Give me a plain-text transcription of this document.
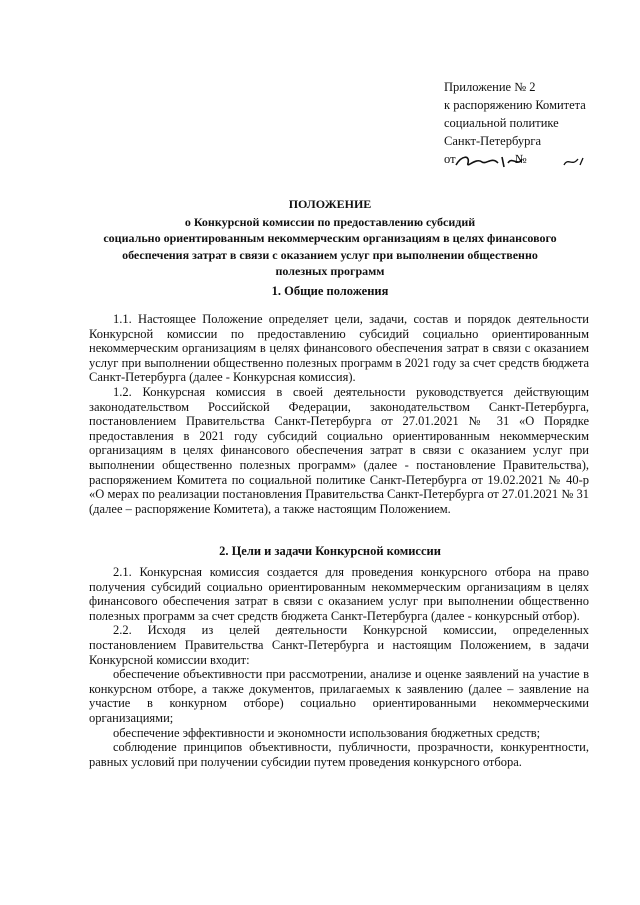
Приложение № 2
к распоряжению Комитета
социальной политике
Санкт-Петербурга
от	№
ПОЛОЖЕНИЕ
о Конкурсной комиссии по предоставлению субсидий
социально ориентированным некоммерческим организациям в целях финансового
обеспечения затрат в связи с оказанием услуг при выполнении общественно
полезных программ
1. Общие положения

1.1. Настоящее Положение определяет цели, задачи, состав и порядок деятельности Конкурсной комиссии по предоставлению субсидий социально ориентированным некоммерческим организациям в целях финансового обеспечения затрат в связи с оказанием услуг при выполнении общественно полезных программ в 2021 году за счет средств бюджета Санкт-Петербурга (далее - Конкурсная комиссия).

1.2. Конкурсная комиссия в своей деятельности руководствуется действующим законодательством Российской Федерации, законодательством Санкт-Петербурга, постановлением Правительства Санкт-Петербурга от 27.01.2021 № 31 «О Порядке предоставления в 2021 году субсидий социально ориентированным некоммерческим организациям в целях финансового обеспечения затрат в связи с оказанием услуг при выполнении общественно полезных программ» (далее - постановление Правительства), распоряжением Комитета по социальной политике Санкт-Петербурга от 19.02.2021 № 40-р «О мерах по реализации постановления Правительства Санкт-Петербурга от 27.01.2021 № 31 (далее – распоряжение Комитета), а также настоящим Положением.

2. Цели и задачи Конкурсной комиссии

2.1. Конкурсная комиссия создается для проведения конкурсного отбора на право получения субсидий социально ориентированным некоммерческим организациям в целях финансового обеспечения затрат в связи с оказанием услуг при выполнении общественно полезных программ за счет средств бюджета Санкт-Петербурга (далее - конкурсный отбор).

2.2. Исходя из целей деятельности Конкурсной комиссии, определенных постановлением Правительства Санкт-Петербурга и настоящим Положением, в задачи Конкурсной комиссии входит:

обеспечение объективности при рассмотрении, анализе и оценке заявлений на участие в конкурсном отборе, а также документов, прилагаемых к заявлению (далее – заявление на участие в конкурном отборе) социально ориентированными некоммерческими организациями;

обеспечение эффективности и экономности использования бюджетных средств;

соблюдение принципов объективности, публичности, прозрачности, конкурентности, равных условий при получении субсидии путем проведения конкурсного отбора.
